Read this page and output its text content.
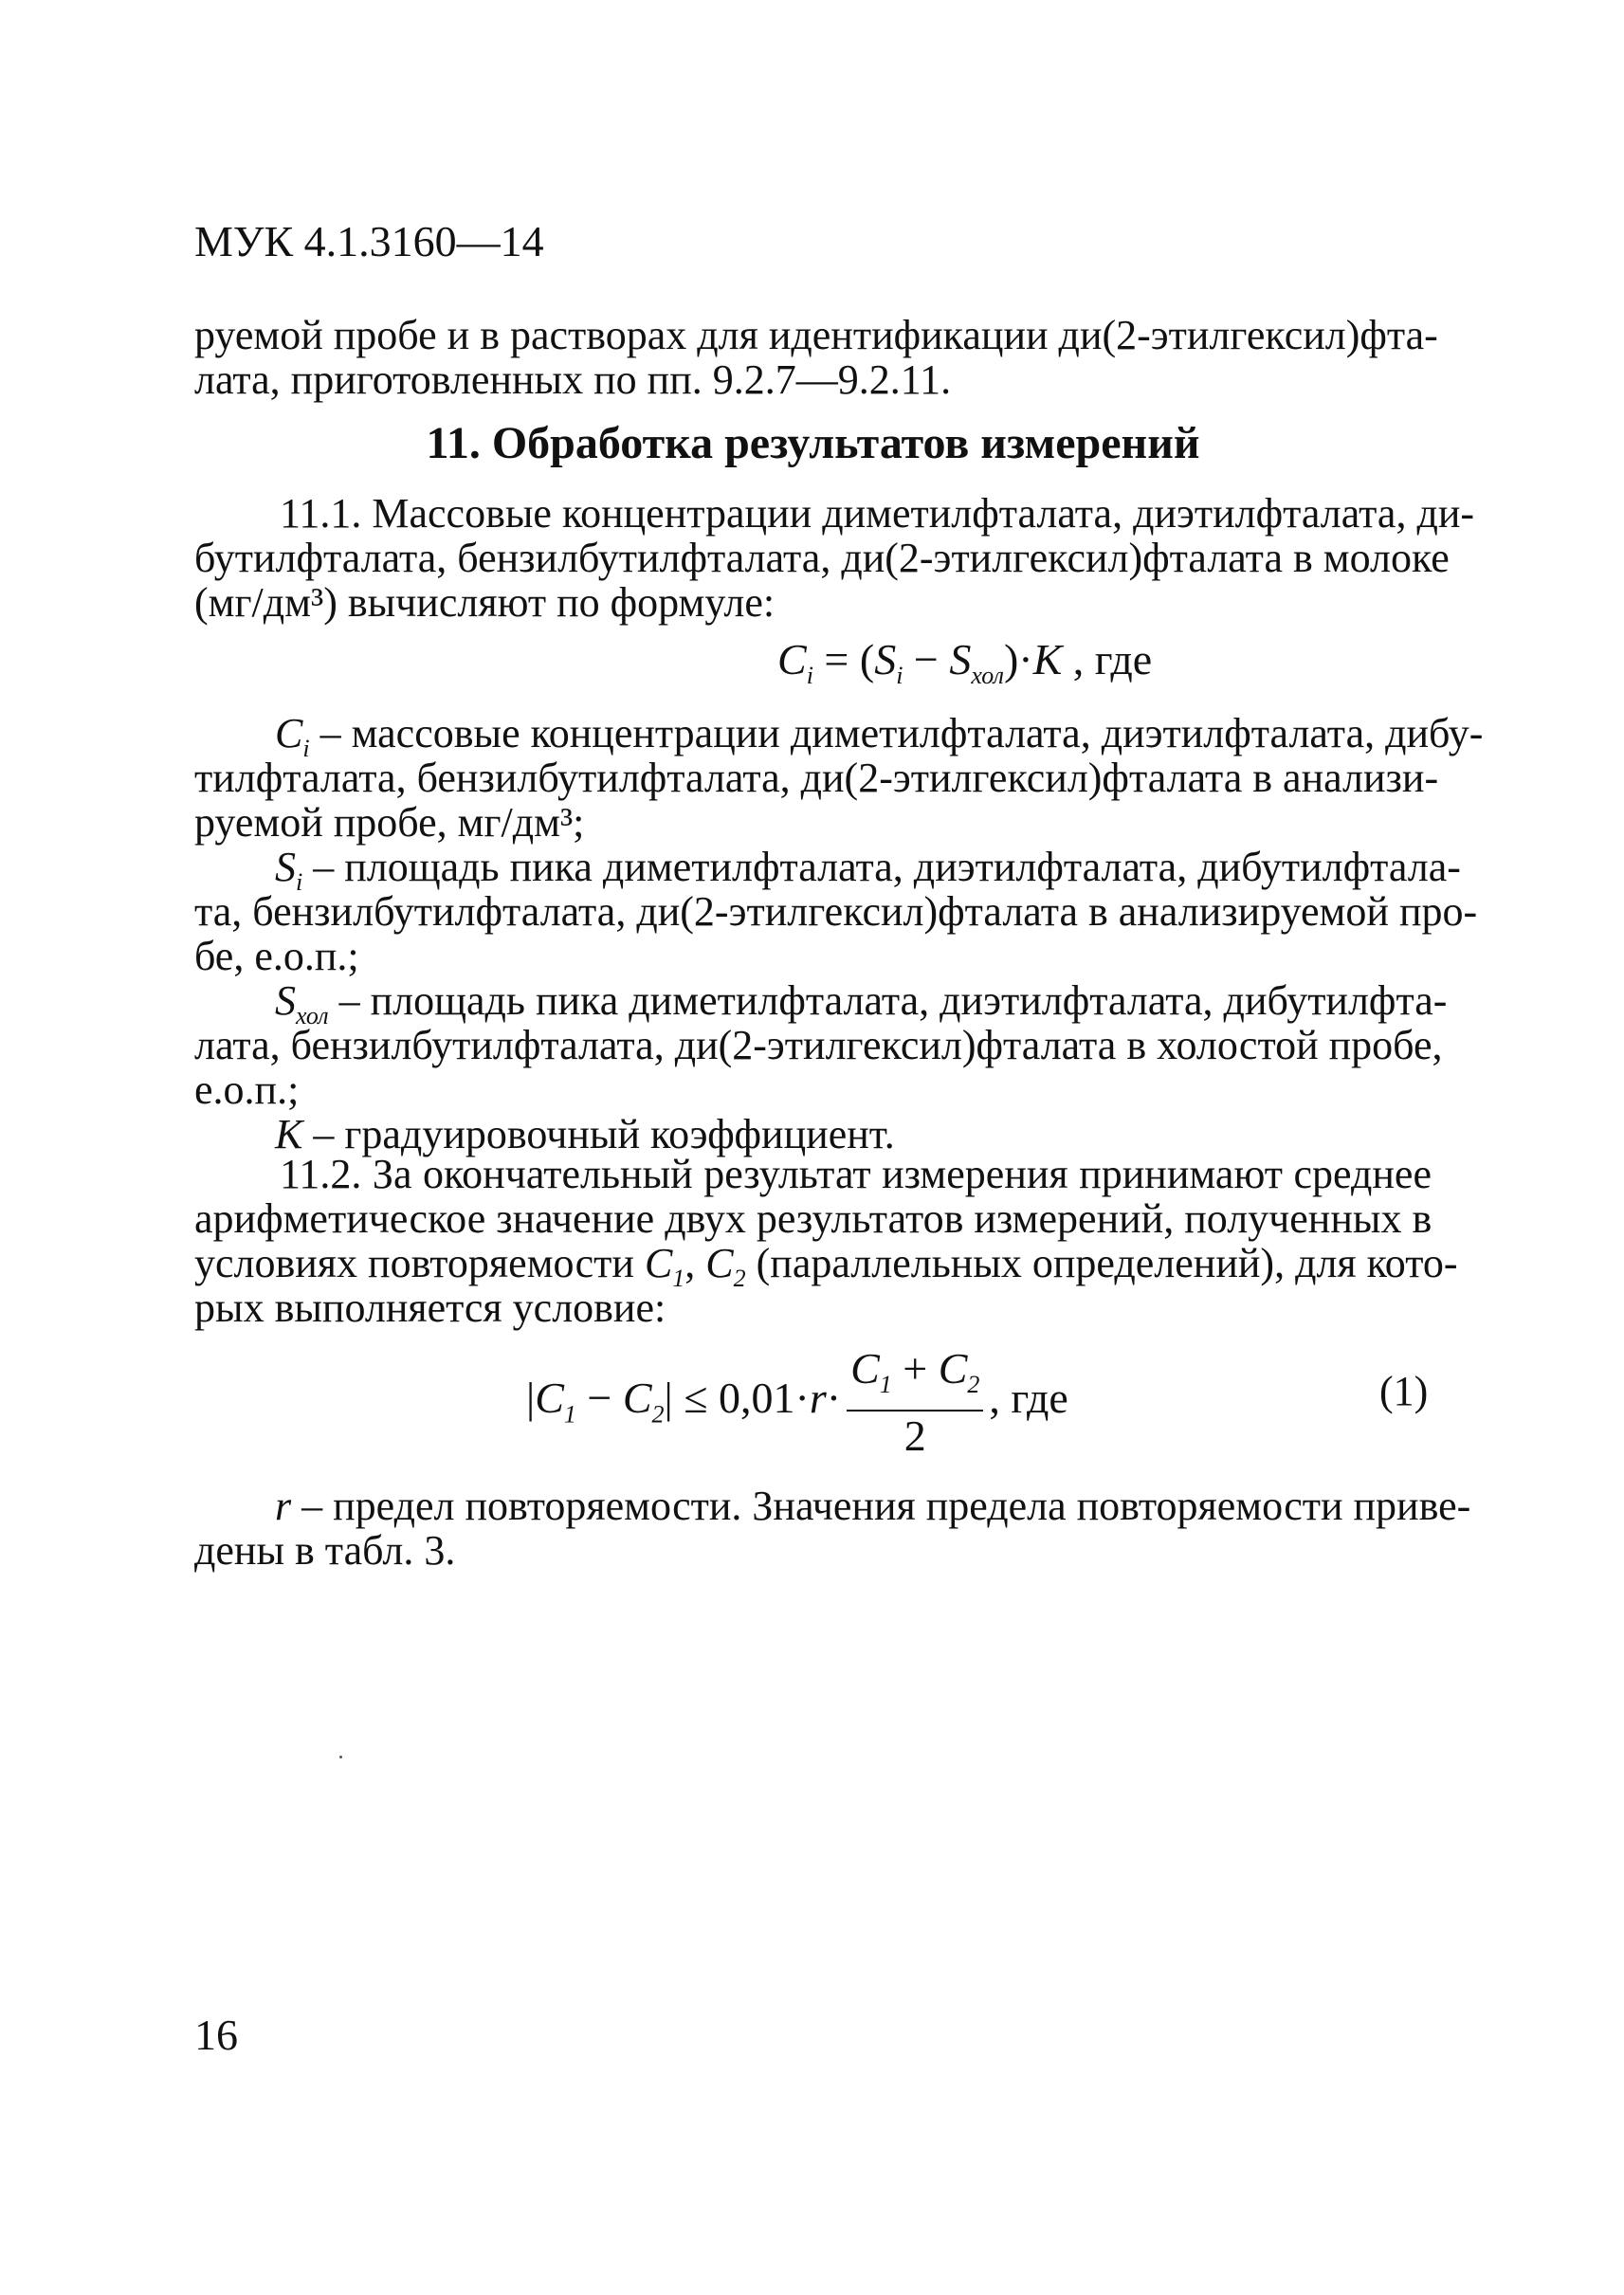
МУК 4.1.3160—14
руемой пробе и в растворах для идентификации ди(2-этилгексил)фта-
лата, приготовленных по пп. 9.2.7—9.2.11.
11. Обработка результатов измерений
11.1. Массовые концентрации диметилфталата, диэтилфталата, ди-
бутилфталата, бензилбутилфталата, ди(2-этилгексил)фталата в молоке
(мг/дм³) вычисляют по формуле:
$C_i = (S_i - S_{хол})\cdot K$ , где
$C_i$ – массовые концентрации диметилфталата, диэтилфталата, дибу-
тилфталата, бензилбутилфталата, ди(2-этилгексил)фталата в анализи-
руемой пробе, мг/дм³;
$S_i$ – площадь пика диметилфталата, диэтилфталата, дибутилфтала-
та, бензилбутилфталата, ди(2-этилгексил)фталата в анализируемой про-
бе, е.о.п.;
$S_{хол}$ – площадь пика диметилфталата, диэтилфталата, дибутилфта-
лата, бензилбутилфталата, ди(2-этилгексил)фталата в холостой пробе,
е.о.п.;
K – градуировочный коэффициент.
11.2. За окончательный результат измерения принимают среднее
арифметическое значение двух результатов измерений, полученных в
условиях повторяемости $C_1$, $C_2$ (параллельных определений), для кото-
рых выполняется условие:
$|C_1 - C_2| \le 0,01\cdot r\cdot \frac{C_1 + C_2}{2}$ , где	(1)
r – предел повторяемости. Значения предела повторяемости приве-
дены в табл. 3.
16
